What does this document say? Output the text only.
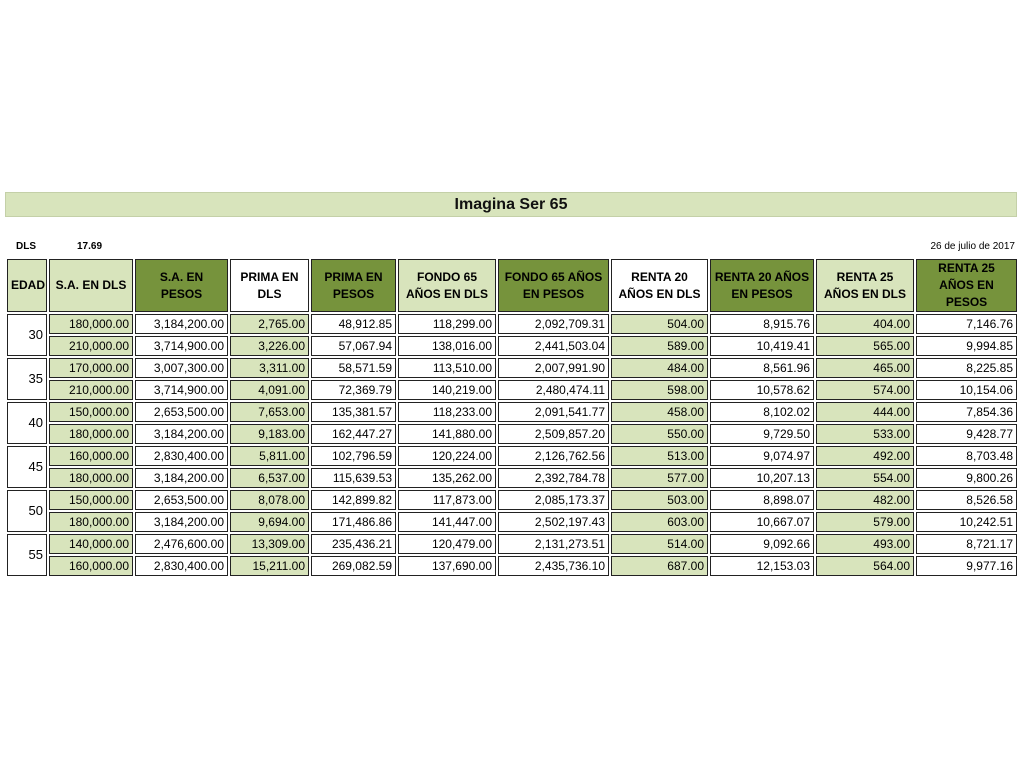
Imagina Ser 65
DLS	17.69	26 de julio de 2017
EDAD	S.A. EN DLS	S.A. EN PESOS	PRIMA EN DLS	PRIMA EN PESOS	FONDO 65 AÑOS EN DLS	FONDO 65 AÑOS EN PESOS	RENTA 20 AÑOS EN DLS	RENTA 20 AÑOS EN PESOS	RENTA 25 AÑOS EN DLS	RENTA 25 AÑOS EN PESOS
30	180,000.00	3,184,200.00	2,765.00	48,912.85	118,299.00	2,092,709.31	504.00	8,915.76	404.00	7,146.76
	210,000.00	3,714,900.00	3,226.00	57,067.94	138,016.00	2,441,503.04	589.00	10,419.41	565.00	9,994.85
35	170,000.00	3,007,300.00	3,311.00	58,571.59	113,510.00	2,007,991.90	484.00	8,561.96	465.00	8,225.85
	210,000.00	3,714,900.00	4,091.00	72,369.79	140,219.00	2,480,474.11	598.00	10,578.62	574.00	10,154.06
40	150,000.00	2,653,500.00	7,653.00	135,381.57	118,233.00	2,091,541.77	458.00	8,102.02	444.00	7,854.36
	180,000.00	3,184,200.00	9,183.00	162,447.27	141,880.00	2,509,857.20	550.00	9,729.50	533.00	9,428.77
45	160,000.00	2,830,400.00	5,811.00	102,796.59	120,224.00	2,126,762.56	513.00	9,074.97	492.00	8,703.48
	180,000.00	3,184,200.00	6,537.00	115,639.53	135,262.00	2,392,784.78	577.00	10,207.13	554.00	9,800.26
50	150,000.00	2,653,500.00	8,078.00	142,899.82	117,873.00	2,085,173.37	503.00	8,898.07	482.00	8,526.58
	180,000.00	3,184,200.00	9,694.00	171,486.86	141,447.00	2,502,197.43	603.00	10,667.07	579.00	10,242.51
55	140,000.00	2,476,600.00	13,309.00	235,436.21	120,479.00	2,131,273.51	514.00	9,092.66	493.00	8,721.17
	160,000.00	2,830,400.00	15,211.00	269,082.59	137,690.00	2,435,736.10	687.00	12,153.03	564.00	9,977.16
